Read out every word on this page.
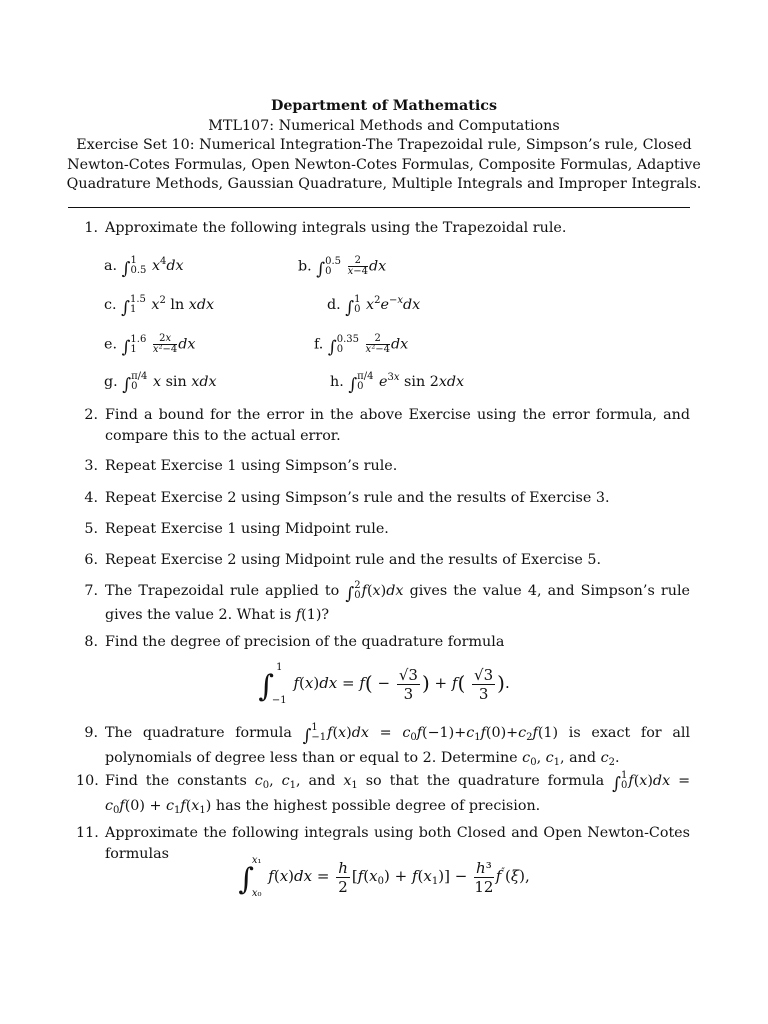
Department of Mathematics
MTL107: Numerical Methods and Computations
Exercise Set 10: Numerical Integration-The Trapezoidal rule, Simpson’s rule, Closed
Newton-Cotes Formulas, Open Newton-Cotes Formulas, Composite Formulas, Adaptive
Quadrature Methods, Gaussian Quadrature, Multiple Integrals and Improper Integrals.
1. Approximate the following integrals using the Trapezoidal rule.
a. ∫ 1
0.5 $x^4dx$	b. ∫ 0.5
0
	$\frac{2}{x-4}$ dx
c. ∫ 1.5
1	$x^2$ ln xdx	d. ∫ 1
0 $x^2e^{-x}dx$
e. ∫ 1.6
1
	$\frac{2x}{\text{x²−4}}$ dx	f. ∫ 0.35
0
	$\frac{2}{\text{x²−4}}$ dx
g. ∫ π/4
0	x sin xdx	h. ∫ π/4
0	$e^{3x}$ sin 2xdx
2. Find a bound for the error in the above Exercise using the error formula, and compare this to the actual error.
3. Repeat Exercise 1 using Simpson’s rule.
4. Repeat Exercise 2 using Simpson’s rule and the results of Exercise 3.
5. Repeat Exercise 1 using Midpoint rule.
6. Repeat Exercise 2 using Midpoint rule and the results of Exercise 5.
7. The Trapezoidal rule applied to ∫ 2
0 f(x)dx gives the value 4, and Simpson’s rule gives the value 2. What is f(1)?
8. Find the degree of precision of the quadrature formula
∫
1
−1
$f(x)dx = f( - \frac{√3}{3}$ ) + $f( \frac{√3}{3}$ ).
9. The quadrature formula ∫ 1
−1 $f(x)dx = c_0f(-1)+c_1f(0)+c_2f(1)$ is exact for all polynomials of degree less than or equal to 2. Determine $c_0$, $c_1$, and $c_2$.
10. Find the constants $c_0$, $c_1$, and $x_1$ so that the quadrature formula ∫ 1
0 $f(x)dx = c_0f(0) + c_1f(x_1)$ has the highest possible degree of precision.
11. Approximate the following integrals using both Closed and Open Newton-Cotes formulas
∫
x₁
x₀
$f(x)dx = \frac{h}{2} [f(x_0) + f(x_1)] - \frac{\text{h³}}{12} f''(\xi)$,
